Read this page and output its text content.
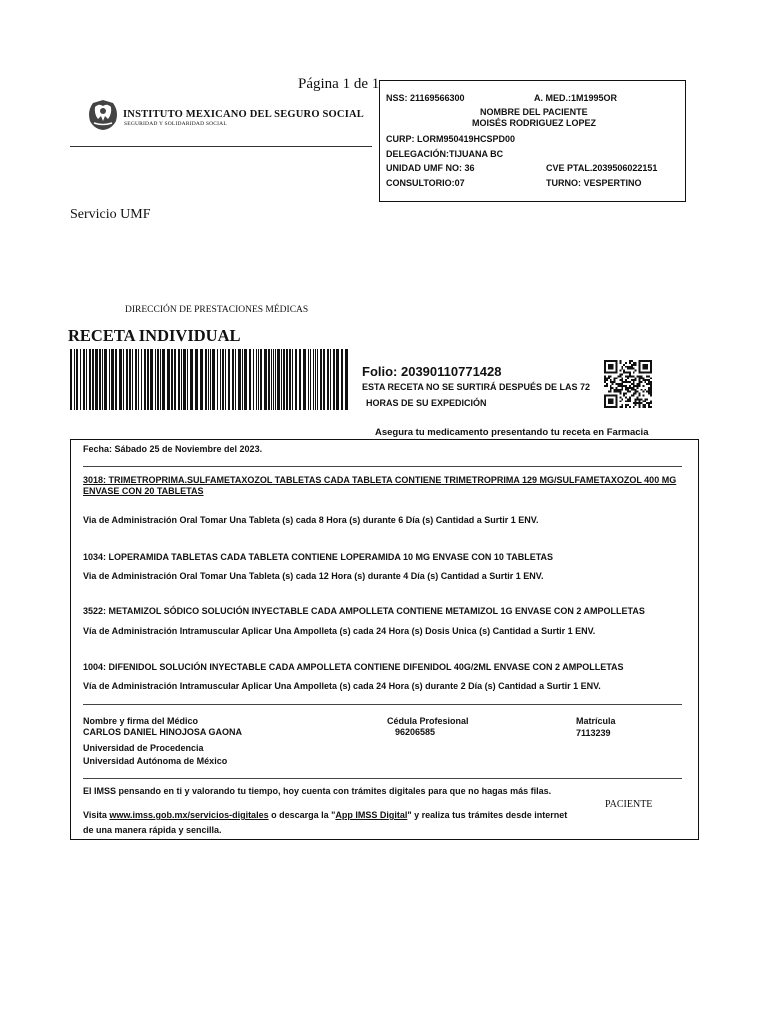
Página 1 de 1
INSTITUTO MEXICANO DEL SEGURO SOCIAL
SEGURIDAD Y SOLIDARIDAD SOCIAL
NSS: 21169566300	A. MED.:1M1995OR
NOMBRE DEL PACIENTE
MOISÉS RODRIGUEZ LOPEZ
CURP: LORM950419HCSPD00
DELEGACIÓN:TIJUANA BC
UNIDAD UMF NO: 36	CVE PTAL.2039506022151
CONSULTORIO:07	TURNO: VESPERTINO
Servicio UMF
DIRECCIÓN DE PRESTACIONES MÉDICAS
RECETA INDIVIDUAL
Folio: 20390110771428
ESTA RECETA NO SE SURTIRÁ DESPUÉS DE LAS 72
HORAS DE SU EXPEDICIÓN
Asegura tu medicamento presentando tu receta en Farmacia
Fecha: Sábado 25 de Noviembre del 2023.
3018: TRIMETROPRIMA.SULFAMETAXOZOL TABLETAS CADA TABLETA CONTIENE TRIMETROPRIMA 129 MG/SULFAMETAXOZOL 400 MG
ENVASE CON 20 TABLETAS
Via de Administración Oral Tomar Una Tableta (s) cada 8 Hora (s) durante 6 Día (s) Cantidad a Surtir 1 ENV.
1034: LOPERAMIDA TABLETAS CADA TABLETA CONTIENE LOPERAMIDA 10 MG ENVASE CON 10 TABLETAS
Via de Administración Oral Tomar Una Tableta (s) cada 12 Hora (s) durante 4 Día (s) Cantidad a Surtir 1 ENV.
3522: METAMIZOL SÓDICO SOLUCIÓN INYECTABLE CADA AMPOLLETA CONTIENE METAMIZOL 1G ENVASE CON 2 AMPOLLETAS
Vía de Administración Intramuscular Aplicar Una Ampolleta (s) cada 24 Hora (s) Dosis Unica (s) Cantidad a Surtir 1 ENV.
1004: DIFENIDOL SOLUCIÓN INYECTABLE CADA AMPOLLETA CONTIENE DIFENIDOL 40G/2ML ENVASE CON 2 AMPOLLETAS
Vía de Administración Intramuscular Aplicar Una Ampolleta (s) cada 24 Hora (s) durante 2 Día (s) Cantidad a Surtir 1 ENV.
Nombre y firma del Médico
CARLOS DANIEL HINOJOSA GAONA
Universidad de Procedencia
Universidad Autónoma de México
Cédula Profesional
96206585
Matrícula
7113239
El IMSS pensando en ti y valorando tu tiempo, hoy cuenta con trámites digitales para que no hagas más filas.
Visita www.imss.gob.mx/servicios-digitales o descarga la "App IMSS Digital" y realiza tus trámites desde internet
de una manera rápida y sencilla.
PACIENTE
